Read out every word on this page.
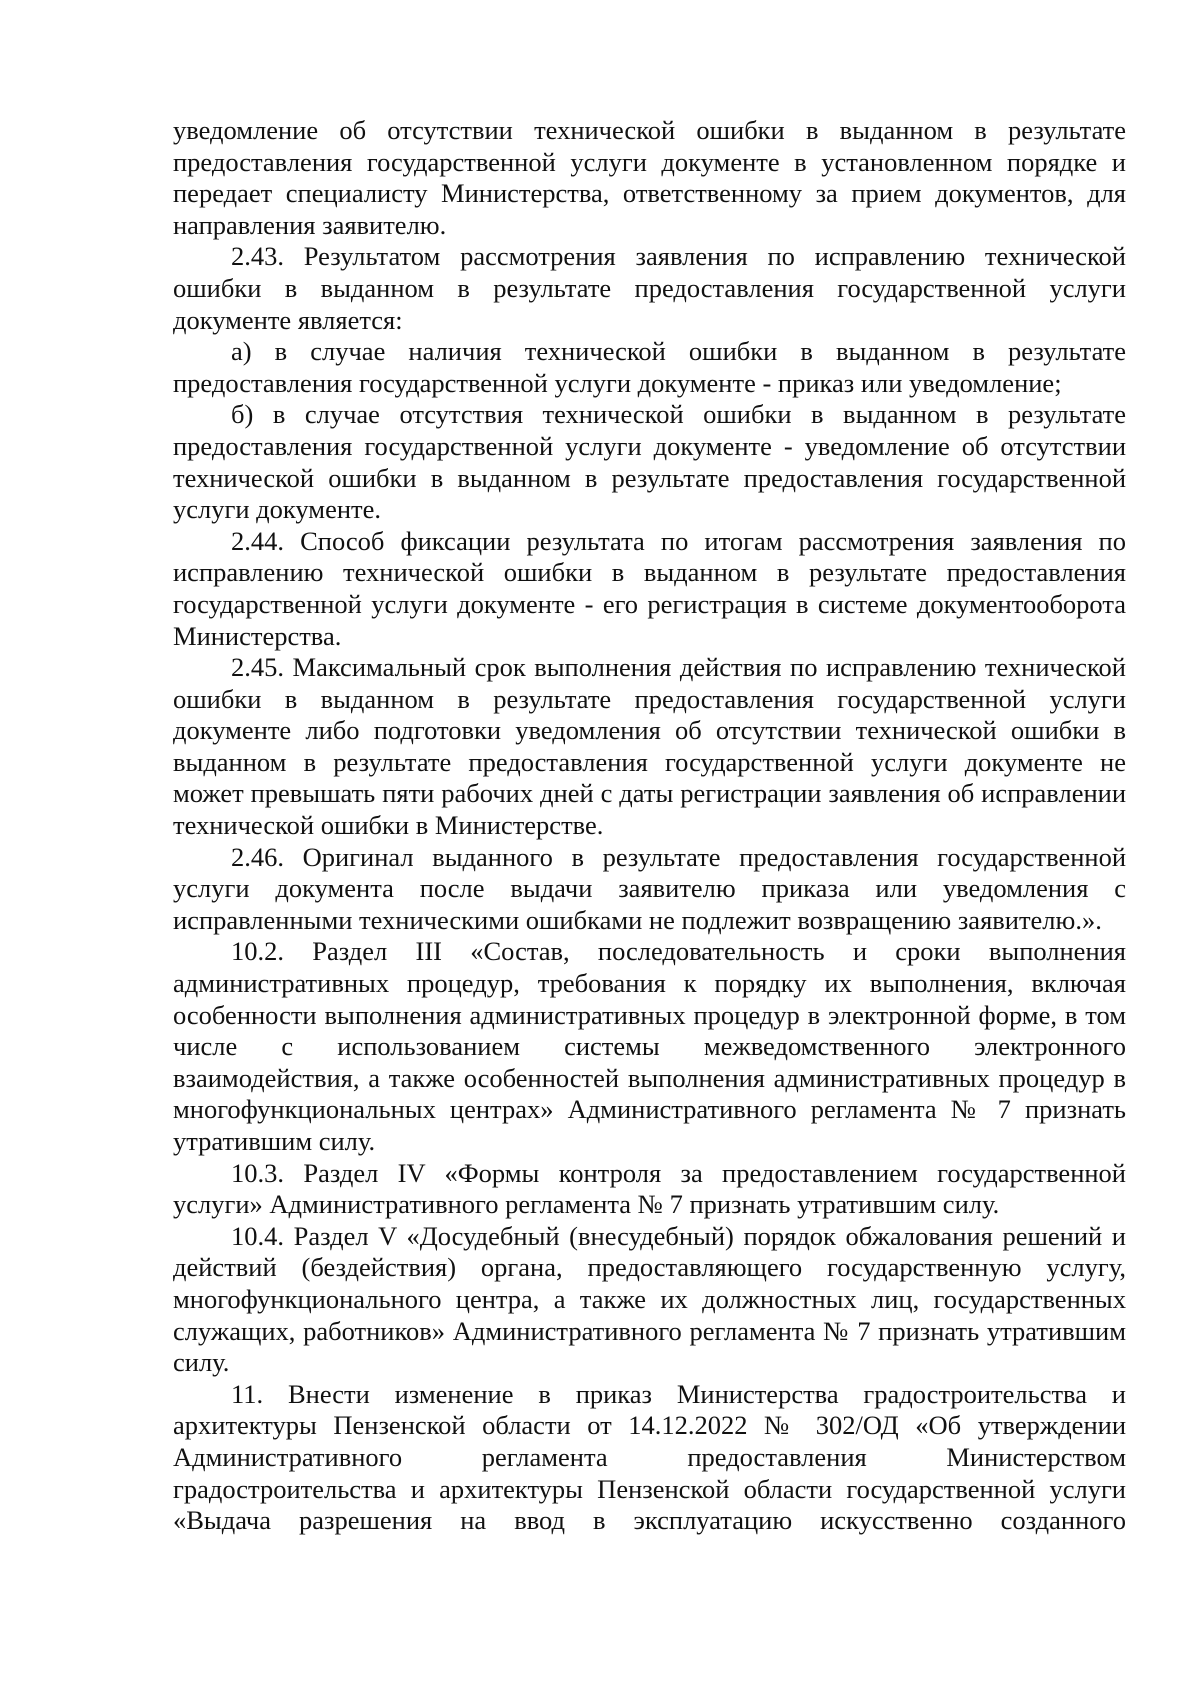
уведомление об отсутствии технической ошибки в выданном в результате предоставления государственной услуги документе в установленном порядке и передает специалисту Министерства, ответственному за прием документов, для направления заявителю.

2.43. Результатом рассмотрения заявления по исправлению технической ошибки в выданном в результате предоставления государственной услуги документе является:

а) в случае наличия технической ошибки в выданном в результате предоставления государственной услуги документе - приказ или уведомление;

б) в случае отсутствия технической ошибки в выданном в результате предоставления государственной услуги документе - уведомление об отсутствии технической ошибки в выданном в результате предоставления государственной услуги документе.

2.44. Способ фиксации результата по итогам рассмотрения заявления по исправлению технической ошибки в выданном в результате предоставления государственной услуги документе - его регистрация в системе документооборота Министерства.

2.45. Максимальный срок выполнения действия по исправлению технической ошибки в выданном в результате предоставления государственной услуги документе либо подготовки уведомления об отсутствии технической ошибки в выданном в результате предоставления государственной услуги документе не может превышать пяти рабочих дней с даты регистрации заявления об исправлении технической ошибки в Министерстве.

2.46. Оригинал выданного в результате предоставления государственной услуги документа после выдачи заявителю приказа или уведомления с исправленными техническими ошибками не подлежит возвращению заявителю.».

10.2. Раздел III «Состав, последовательность и сроки выполнения административных процедур, требования к порядку их выполнения, включая особенности выполнения административных процедур в электронной форме, в том числе с использованием системы межведомственного электронного взаимодействия, а также особенностей выполнения административных процедур в многофункциональных центрах» Административного регламента № 7 признать утратившим силу.

10.3. Раздел IV «Формы контроля за предоставлением государственной услуги» Административного регламента № 7 признать утратившим силу.

10.4. Раздел V «Досудебный (внесудебный) порядок обжалования решений и действий (бездействия) органа, предоставляющего государственную услугу, многофункционального центра, а также их должностных лиц, государственных служащих, работников» Административного регламента № 7 признать утратившим силу.

11. Внести изменение в приказ Министерства градостроительства и архитектуры Пензенской области от 14.12.2022 № 302/ОД «Об утверждении Административного регламента предоставления Министерством градостроительства и архитектуры Пензенской области государственной услуги «Выдача разрешения на ввод в эксплуатацию искусственно созданного
